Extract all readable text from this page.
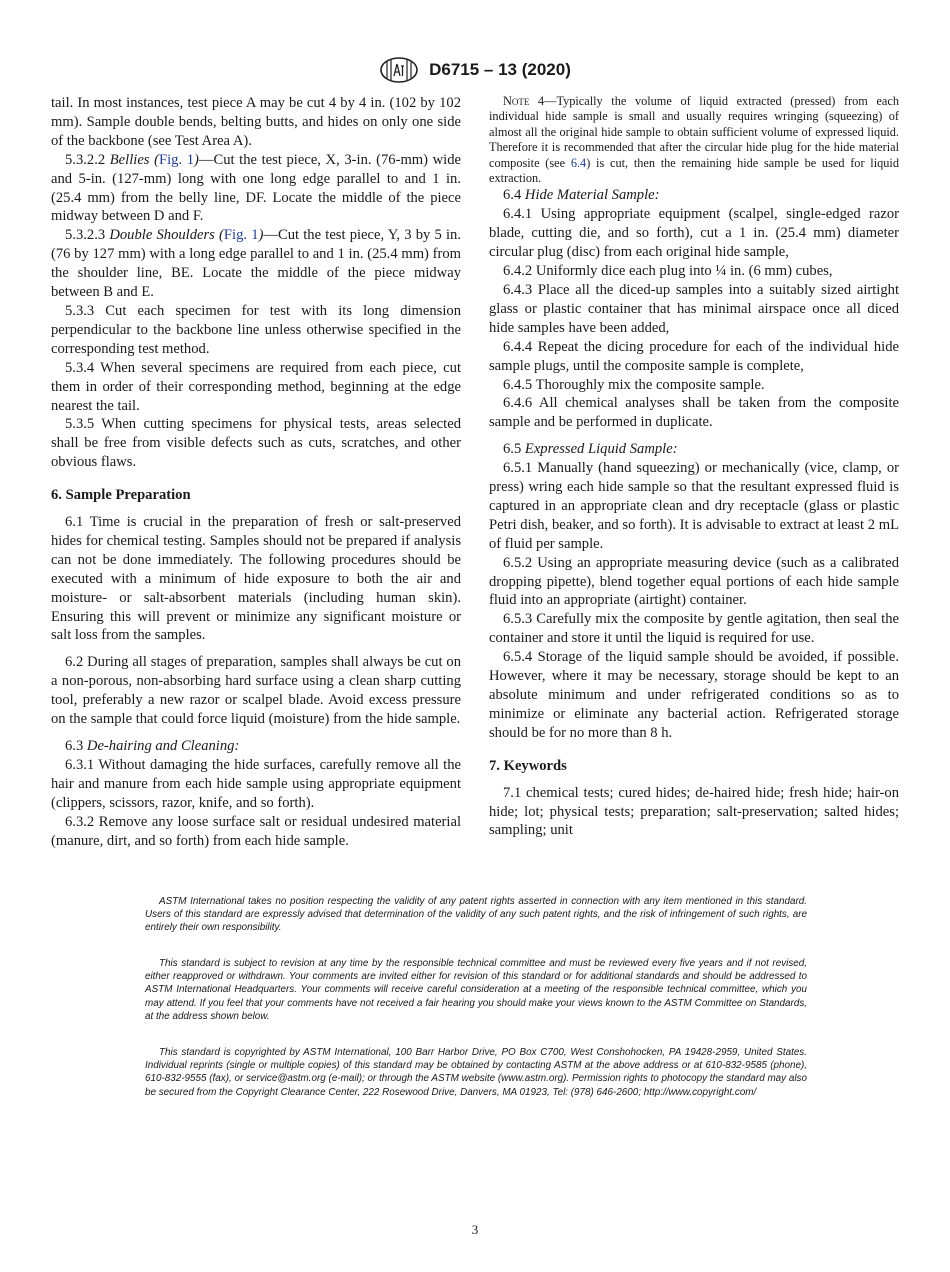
D6715 – 13 (2020)

tail. In most instances, test piece A may be cut 4 by 4 in. (102 by 102 mm). Sample double bends, belting butts, and hides on only one side of the backbone (see Test Area A).

5.3.2.2 Bellies (Fig. 1)—Cut the test piece, X, 3-in. (76-mm) wide and 5-in. (127-mm) long with one long edge parallel to and 1 in. (25.4 mm) from the belly line, DF. Locate the middle of the piece midway between D and F.

5.3.2.3 Double Shoulders (Fig. 1)—Cut the test piece, Y, 3 by 5 in. (76 by 127 mm) with a long edge parallel to and 1 in. (25.4 mm) from the shoulder line, BE. Locate the middle of the piece midway between B and E.

5.3.3 Cut each specimen for test with its long dimension perpendicular to the backbone line unless otherwise specified in the corresponding test method.

5.3.4 When several specimens are required from each piece, cut them in order of their corresponding method, beginning at the edge nearest the tail.

5.3.5 When cutting specimens for physical tests, areas selected shall be free from visible defects such as cuts, scratches, and other obvious flaws.

6. Sample Preparation

6.1 Time is crucial in the preparation of fresh or salt-preserved hides for chemical testing. Samples should not be prepared if analysis can not be done immediately. The following procedures should be executed with a minimum of hide exposure to both the air and moisture- or salt-absorbent materials (including human skin). Ensuring this will prevent or minimize any significant moisture or salt loss from the samples.

6.2 During all stages of preparation, samples shall always be cut on a non-porous, non-absorbing hard surface using a clean sharp cutting tool, preferably a new razor or scalpel blade. Avoid excess pressure on the sample that could force liquid (moisture) from the hide sample.

6.3 De-hairing and Cleaning:

6.3.1 Without damaging the hide surfaces, carefully remove all the hair and manure from each hide sample using appropriate equipment (clippers, scissors, razor, knife, and so forth).

6.3.2 Remove any loose surface salt or residual undesired material (manure, dirt, and so forth) from each hide sample.

Note 4—Typically the volume of liquid extracted (pressed) from each individual hide sample is small and usually requires wringing (squeezing) of almost all the original hide sample to obtain sufficient volume of expressed liquid. Therefore it is recommended that after the circular hide plug for the hide material composite (see 6.4) is cut, then the remaining hide sample be used for liquid extraction.

6.4 Hide Material Sample:

6.4.1 Using appropriate equipment (scalpel, single-edged razor blade, cutting die, and so forth), cut a 1 in. (25.4 mm) diameter circular plug (disc) from each original hide sample,

6.4.2 Uniformly dice each plug into ¼ in. (6 mm) cubes,

6.4.3 Place all the diced-up samples into a suitably sized airtight glass or plastic container that has minimal airspace once all diced hide samples have been added,

6.4.4 Repeat the dicing procedure for each of the individual hide sample plugs, until the composite sample is complete,

6.4.5 Thoroughly mix the composite sample.

6.4.6 All chemical analyses shall be taken from the composite sample and be performed in duplicate.

6.5 Expressed Liquid Sample:

6.5.1 Manually (hand squeezing) or mechanically (vice, clamp, or press) wring each hide sample so that the resultant expressed fluid is captured in an appropriate clean and dry receptacle (glass or plastic Petri dish, beaker, and so forth). It is advisable to extract at least 2 mL of fluid per sample.

6.5.2 Using an appropriate measuring device (such as a calibrated dropping pipette), blend together equal portions of each hide sample fluid into an appropriate (airtight) container.

6.5.3 Carefully mix the composite by gentle agitation, then seal the container and store it until the liquid is required for use.

6.5.4 Storage of the liquid sample should be avoided, if possible. However, where it may be necessary, storage should be kept to an absolute minimum and under refrigerated conditions so as to minimize or eliminate any bacterial action. Refrigerated storage should be for no more than 8 h.

7. Keywords

7.1 chemical tests; cured hides; de-haired hide; fresh hide; hair-on hide; lot; physical tests; preparation; salt-preservation; salted hides; sampling; unit

ASTM International takes no position respecting the validity of any patent rights asserted in connection with any item mentioned in this standard. Users of this standard are expressly advised that determination of the validity of any such patent rights, and the risk of infringement of such rights, are entirely their own responsibility.

This standard is subject to revision at any time by the responsible technical committee and must be reviewed every five years and if not revised, either reapproved or withdrawn. Your comments are invited either for revision of this standard or for additional standards and should be addressed to ASTM International Headquarters. Your comments will receive careful consideration at a meeting of the responsible technical committee, which you may attend. If you feel that your comments have not received a fair hearing you should make your views known to the ASTM Committee on Standards, at the address shown below.

This standard is copyrighted by ASTM International, 100 Barr Harbor Drive, PO Box C700, West Conshohocken, PA 19428-2959, United States. Individual reprints (single or multiple copies) of this standard may be obtained by contacting ASTM at the above address or at 610-832-9585 (phone), 610-832-9555 (fax), or service@astm.org (e-mail); or through the ASTM website (www.astm.org). Permission rights to photocopy the standard may also be secured from the Copyright Clearance Center, 222 Rosewood Drive, Danvers, MA 01923, Tel: (978) 646-2600; http://www.copyright.com/

3
